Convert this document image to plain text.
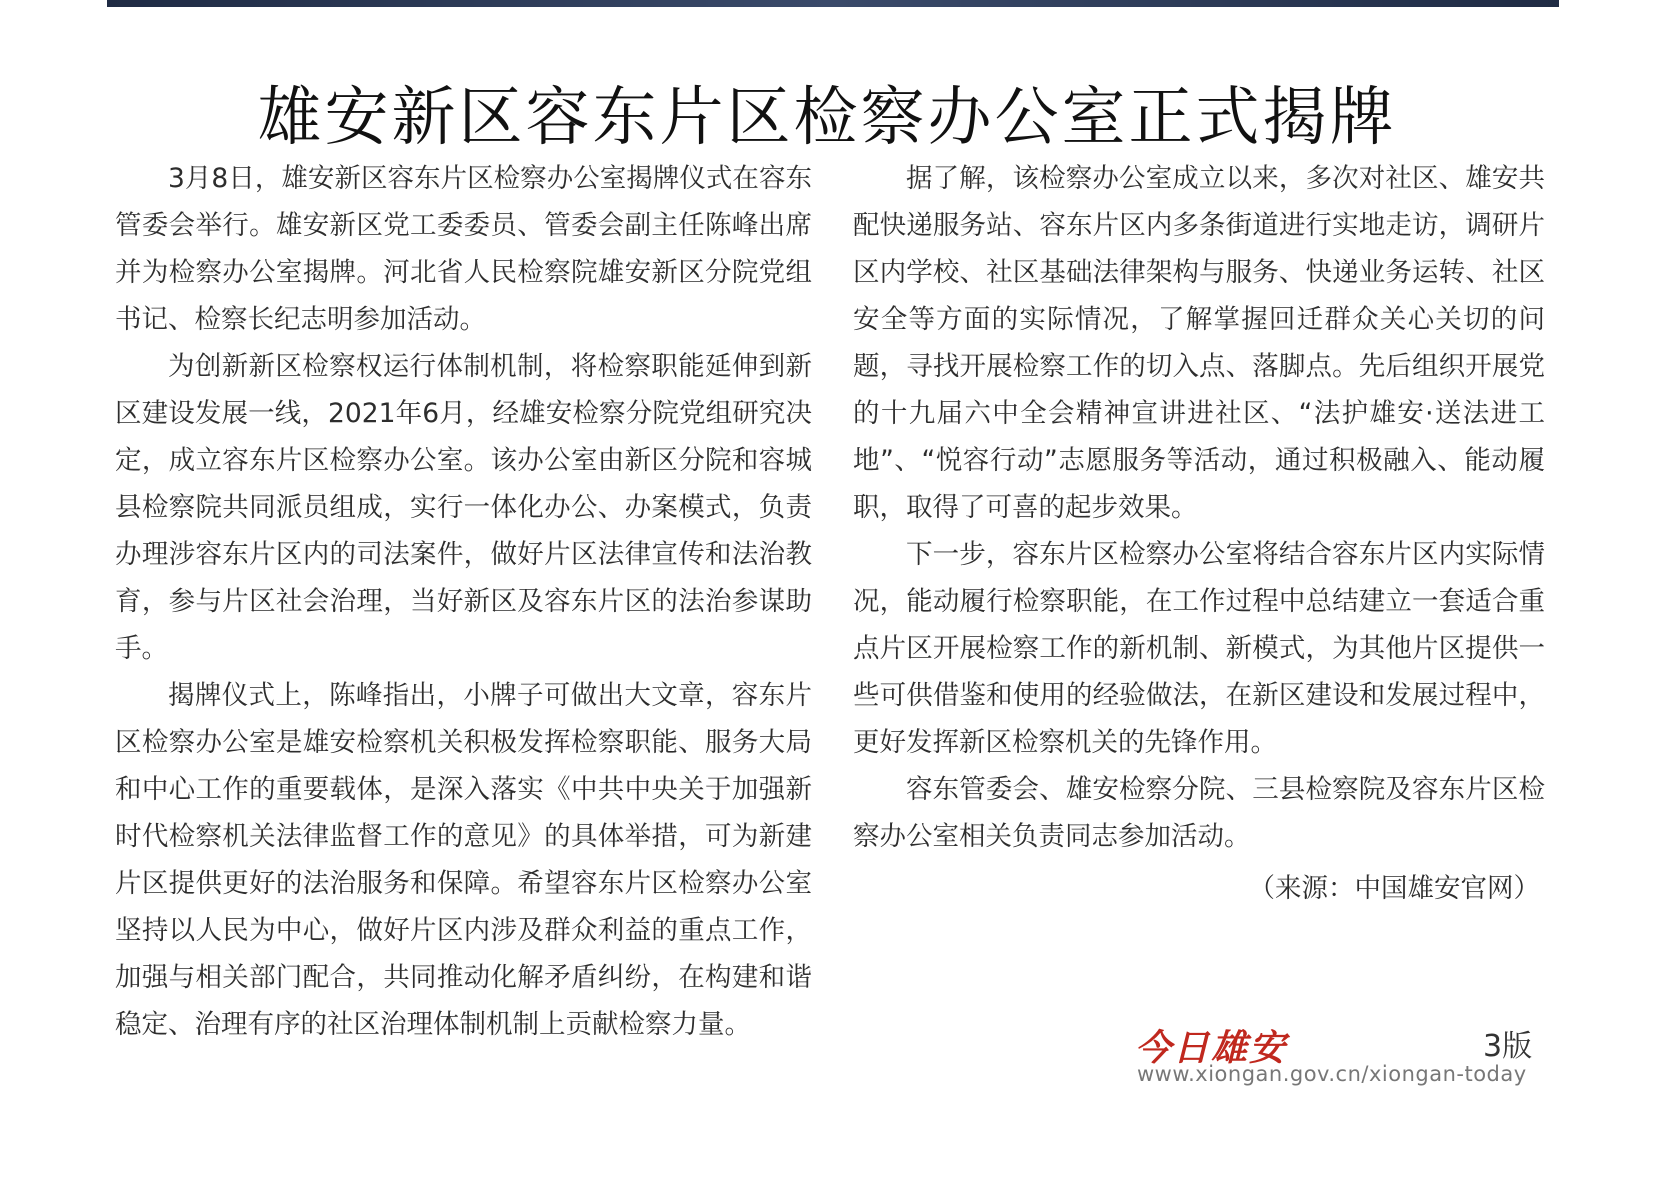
雄安新区容东片区检察办公室正式揭牌

3月8日，雄安新区容东片区检察办公室揭牌仪式在容东管委会举行。雄安新区党工委委员、管委会副主任陈峰出席并为检察办公室揭牌。河北省人民检察院雄安新区分院党组书记、检察长纪志明参加活动。

为创新新区检察权运行体制机制，将检察职能延伸到新区建设发展一线，2021年6月，经雄安检察分院党组研究决定，成立容东片区检察办公室。该办公室由新区分院和容城县检察院共同派员组成，实行一体化办公、办案模式，负责办理涉容东片区内的司法案件，做好片区法律宣传和法治教育，参与片区社会治理，当好新区及容东片区的法治参谋助手。

揭牌仪式上，陈峰指出，小牌子可做出大文章，容东片区检察办公室是雄安检察机关积极发挥检察职能、服务大局和中心工作的重要载体，是深入落实《中共中央关于加强新时代检察机关法律监督工作的意见》的具体举措，可为新建片区提供更好的法治服务和保障。希望容东片区检察办公室坚持以人民为中心，做好片区内涉及群众利益的重点工作，加强与相关部门配合，共同推动化解矛盾纠纷，在构建和谐稳定、治理有序的社区治理体制机制上贡献检察力量。

据了解，该检察办公室成立以来，多次对社区、雄安共配快递服务站、容东片区内多条街道进行实地走访，调研片区内学校、社区基础法律架构与服务、快递业务运转、社区安全等方面的实际情况，了解掌握回迁群众关心关切的问题，寻找开展检察工作的切入点、落脚点。先后组织开展党的十九届六中全会精神宣讲进社区、“法护雄安·送法进工地”、“悦容行动”志愿服务等活动，通过积极融入、能动履职，取得了可喜的起步效果。

下一步，容东片区检察办公室将结合容东片区内实际情况，能动履行检察职能，在工作过程中总结建立一套适合重点片区开展检察工作的新机制、新模式，为其他片区提供一些可供借鉴和使用的经验做法，在新区建设和发展过程中，更好发挥新区检察机关的先锋作用。

容东管委会、雄安检察分院、三县检察院及容东片区检察办公室相关负责同志参加活动。

（来源：中国雄安官网）
今日雄安	3版
www.xiongan.gov.cn/xiongan-today
